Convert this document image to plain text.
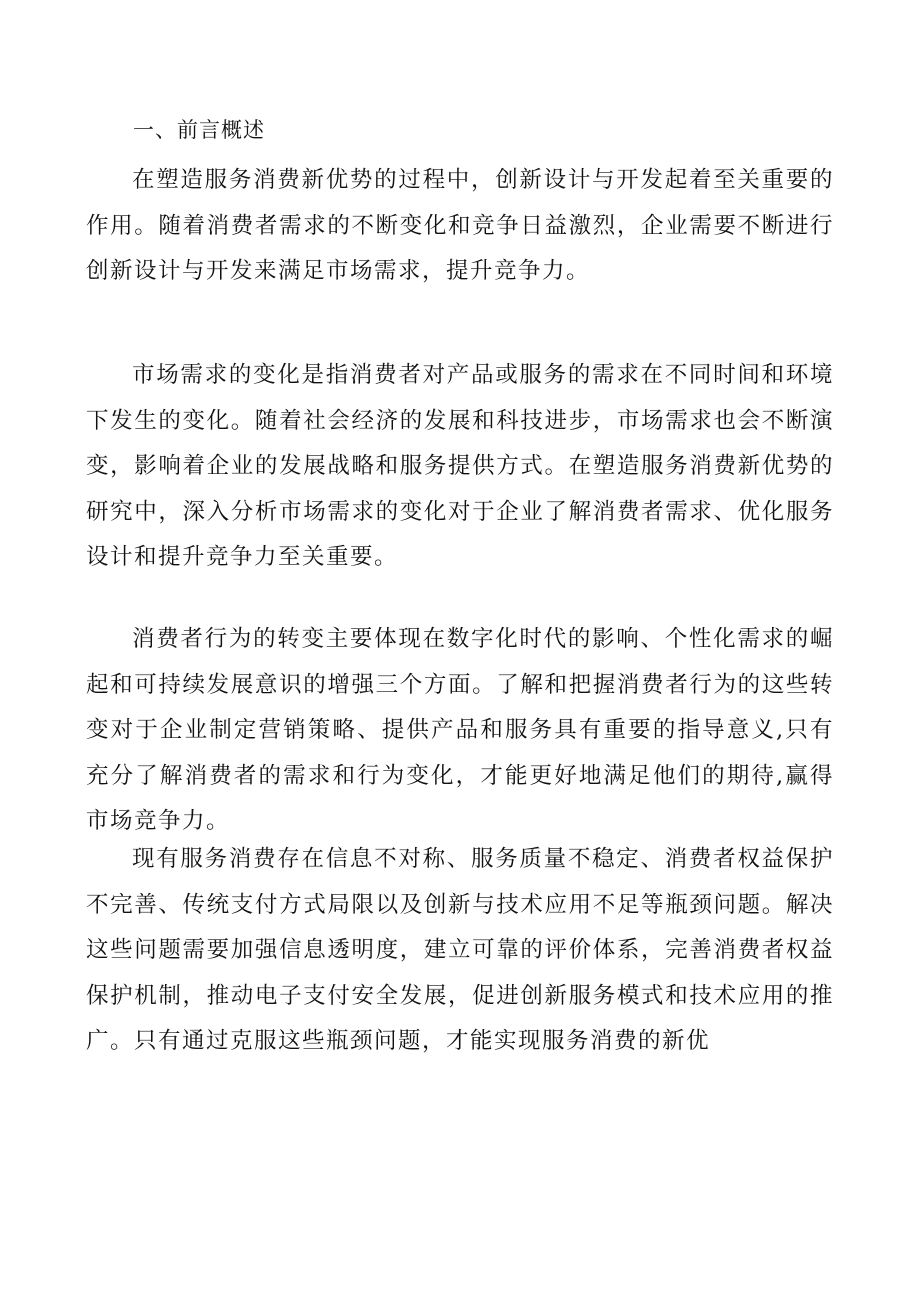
一、前言概述

在塑造服务消费新优势的过程中，创新设计与开发起着至关重要的作用。随着消费者需求的不断变化和竞争日益激烈，企业需要不断进行创新设计与开发来满足市场需求，提升竞争力。

市场需求的变化是指消费者对产品或服务的需求在不同时间和环境下发生的变化。随着社会经济的发展和科技进步，市场需求也会不断演变，影响着企业的发展战略和服务提供方式。在塑造服务消费新优势的研究中，深入分析市场需求的变化对于企业了解消费者需求、优化服务设计和提升竞争力至关重要。

消费者行为的转变主要体现在数字化时代的影响、个性化需求的崛起和可持续发展意识的增强三个方面。了解和把握消费者行为的这些转变对于企业制定营销策略、提供产品和服务具有重要的指导意义,只有充分了解消费者的需求和行为变化，才能更好地满足他们的期待,赢得市场竞争力。

现有服务消费存在信息不对称、服务质量不稳定、消费者权益保护不完善、传统支付方式局限以及创新与技术应用不足等瓶颈问题。解决这些问题需要加强信息透明度，建立可靠的评价体系，完善消费者权益保护机制，推动电子支付安全发展，促进创新服务模式和技术应用的推广。只有通过克服这些瓶颈问题，才能实现服务消费的新优
